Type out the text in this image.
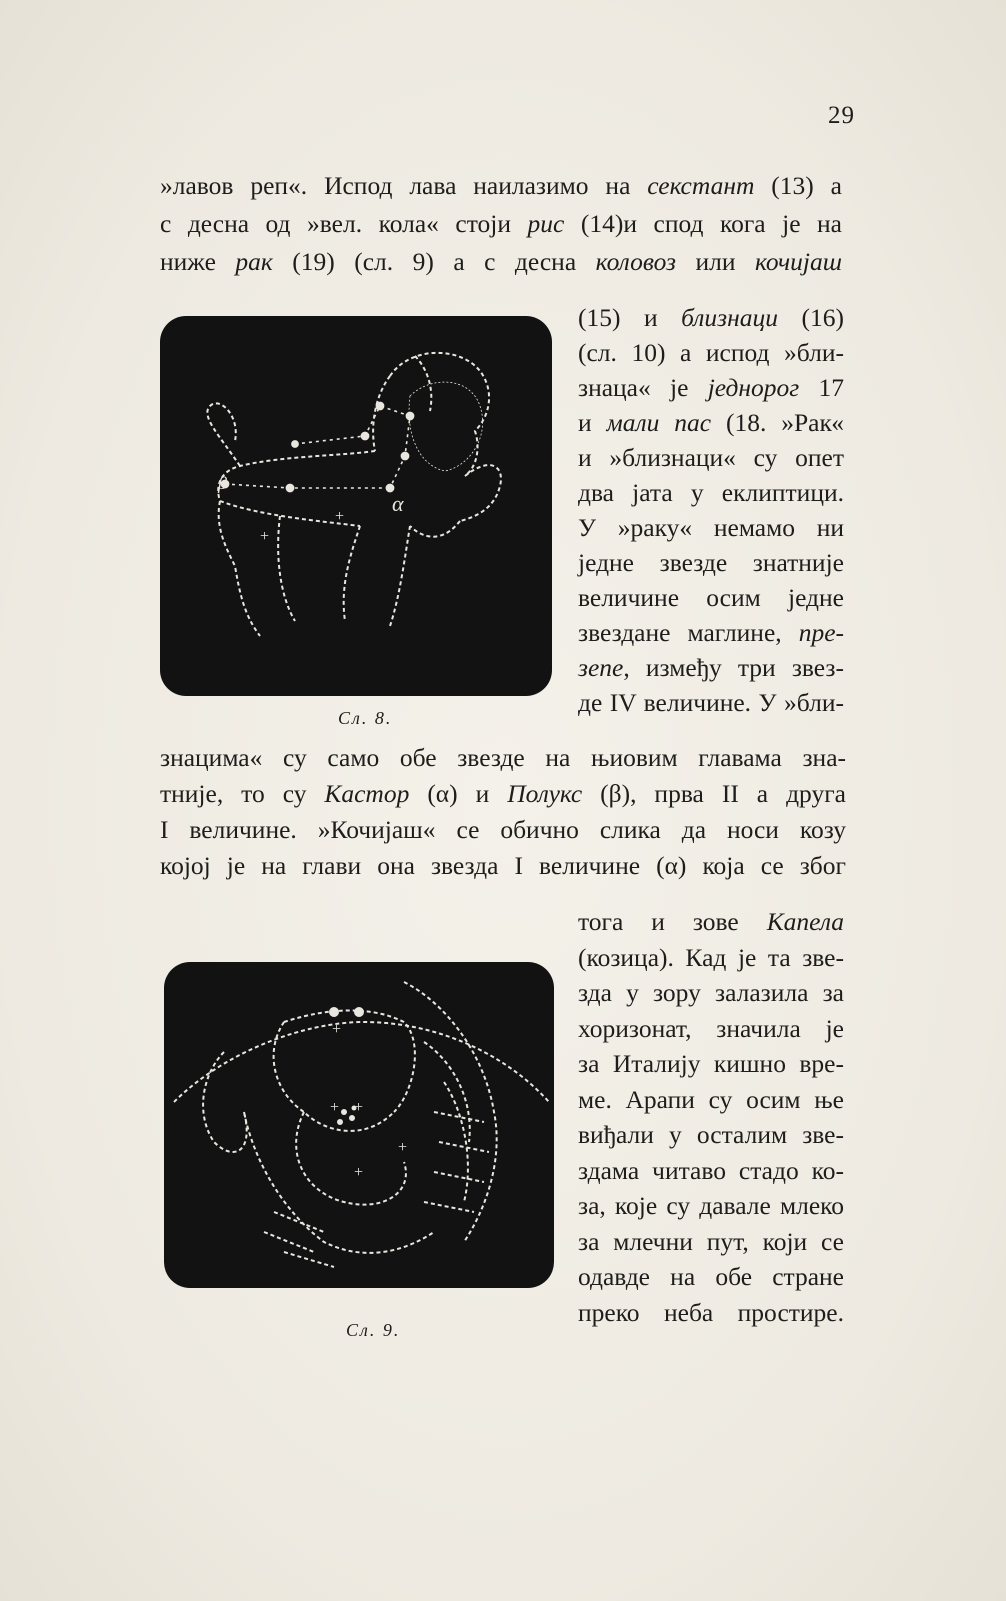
29
»лавов реп«. Испод лава наилазимо на секстант (13) а
с десна од »вел. кола« стоји рис (14)и спод кога је на
ниже рак (19) (сл. 9) а с десна коловоз или кочијаш
(15) и близнаци (16)
(сл. 10) а испод »бли-
знаца« је једнорог 17
и мали пас (18. »Рак«
и »близнаци« су опет
два јата у еклиптици.
У »раку« немамо ни
једне звезде знатније
величине осим једне
звездане маглине, пре-
зепе, између три звез-
де IV величине. У »бли-
знацима« су само обе звезде на њиовим главама зна-
тније, то су Кастор (α) и Полукс (β), прва II а друга
I величине. »Кочијаш« се обично слика да носи козу
којој је на глави она звезда I величине (α) која се због
тога и зове Капела
(козица). Кад је та зве-
зда у зору залазила за
хоризонат, значила је
за Италију кишно вре-
ме. Арапи су осим ње
виђали у осталим зве-
здама читаво стадо ко-
за, које су давале млеко
за млечни пут, који се
одавде на обе стране
преко неба простире.
+
+
α
β
Сл. 8.
+
+ +
+
+
Сл. 9.
